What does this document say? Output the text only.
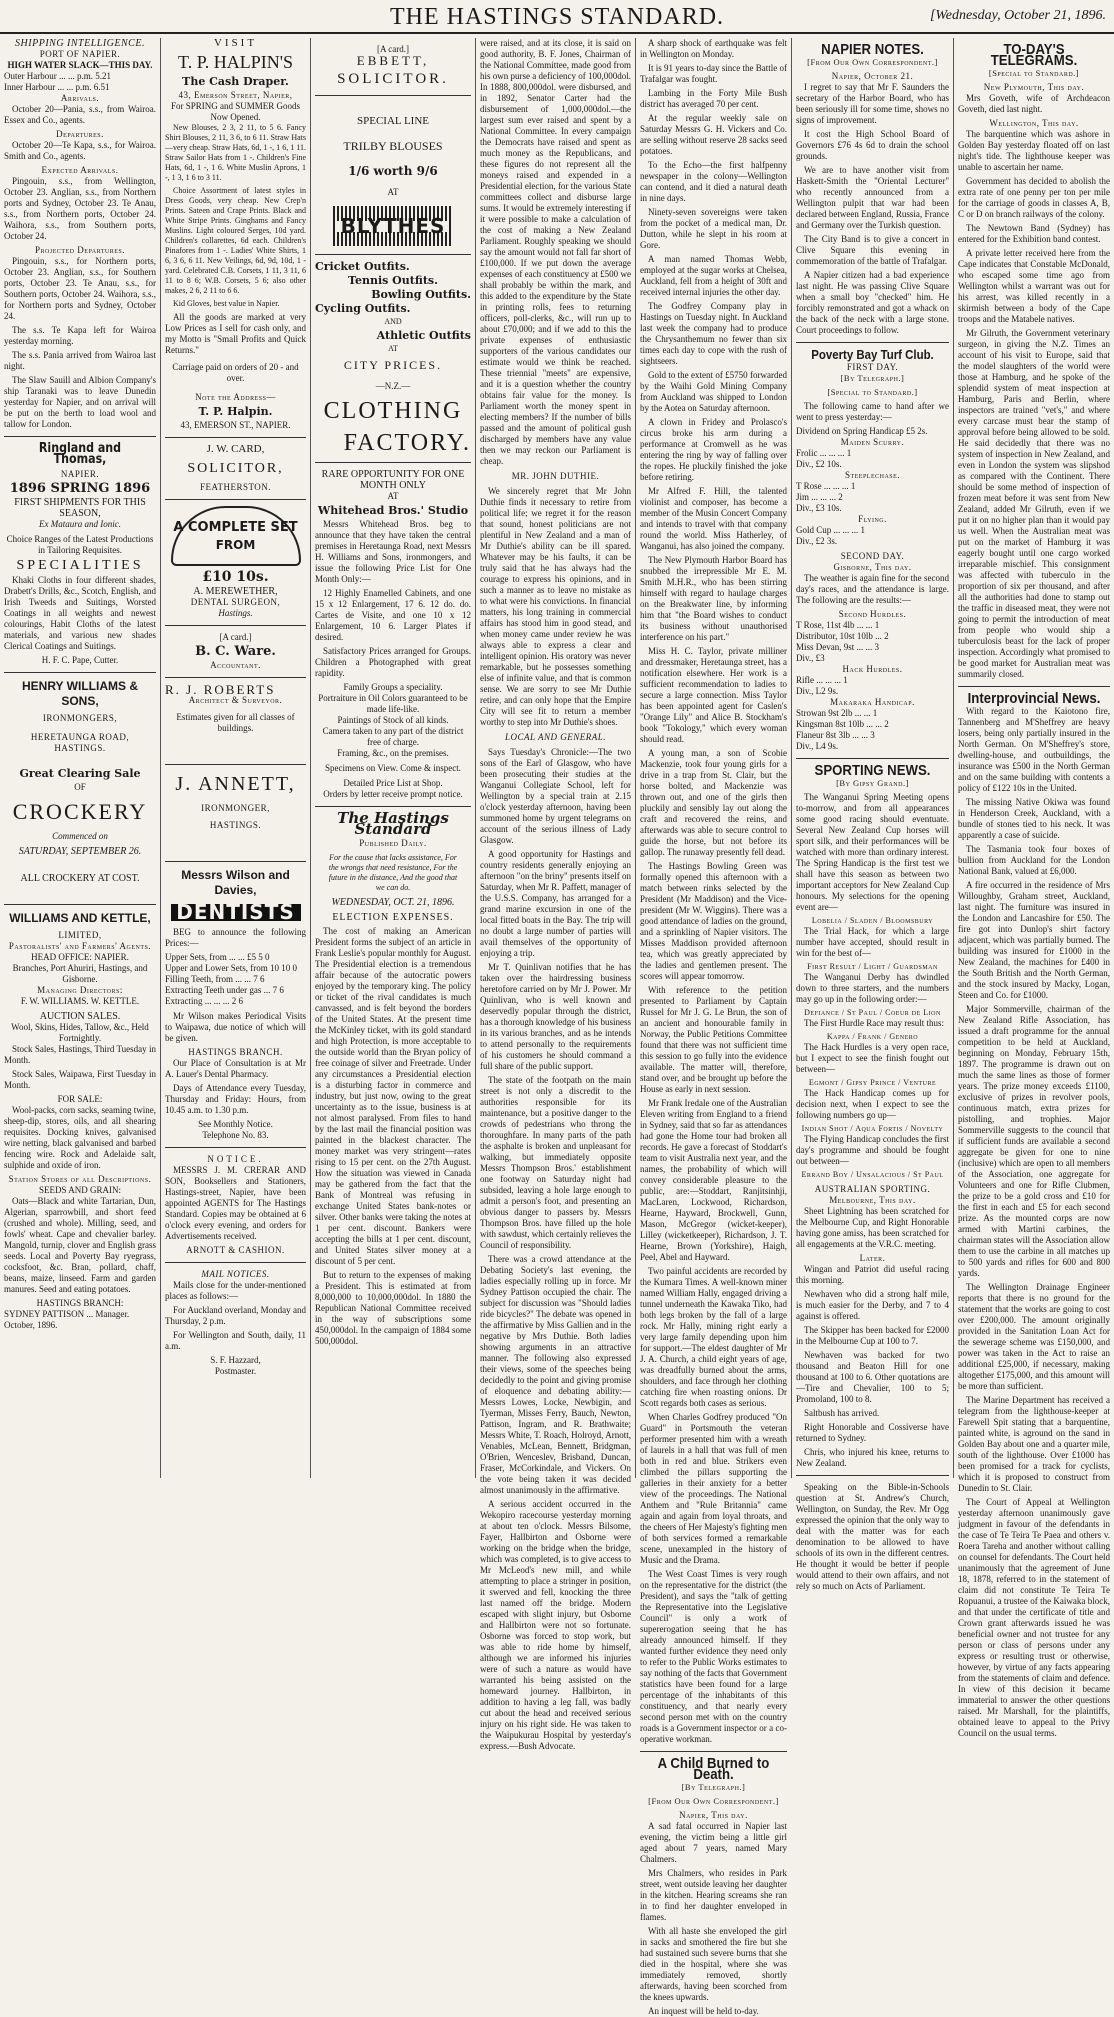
THE HASTINGS STANDARD.	[Wednesday, October 21, 1896.
SHIPPING INTELLIGENCE.
PORT OF NAPIER.
HIGH WATER SLACK—THIS DAY.
Outer Harbour ... ... p.m. 5.21
Inner Harbour ... ... p.m. 6.51
Arrivals.

October 20—Pania, s.s., from Wairoa. Essex and Co., agents.

Departures.

October 20—Te Kapa, s.s., for Wairoa. Smith and Co., agents.

Expected Arrivals.

Pingouin, s.s., from Wellington, October 23. Anglian, s.s., from Northern ports and Sydney, October 23. Te Anau, s.s., from Northern ports, October 24. Waihora, s.s., from Southern ports, October 24.

Projected Departures.

Pingouin, s.s., for Northern ports, October 23. Anglian, s.s., for Southern ports, October 23. Te Anau, s.s., for Southern ports, October 24. Waihora, s.s., for Northern ports and Sydney, October 24.

The s.s. Te Kapa left for Wairoa yesterday morning.

The s.s. Pania arrived from Wairoa last night.

The Slaw Sauill and Albion Company's ship Taranaki was to leave Dunedin yesterday for Napier, and on arrival will be put on the berth to load wool and tallow for London.

Ringland and Thomas,
NAPIER.
1896 SPRING 1896
FIRST SHIPMENTS FOR THIS SEASON,
Ex Mataura and Ionic.
Choice Ranges of the Latest Productions in Tailoring Requisites.
SPECIALITIES

Khaki Cloths in four different shades, Drabett's Drills, &c., Scotch, English, and Irish Tweeds and Suitings, Worsted Coatings in all weights and newest colourings, Habit Cloths of the latest materials, and various new shades Clerical Coatings and Suitings.

H. F. C. Pape, Cutter.
HENRY WILLIAMS & SONS,
IRONMONGERS,
HERETAUNGA ROAD, HASTINGS.
Great Clearing Sale
OF
CROCKERY
Commenced on
SATURDAY, SEPTEMBER 26.
ALL CROCKERY AT COST.
WILLIAMS AND KETTLE,
LIMITED,
Pastoralists' and Farmers' Agents.
HEAD OFFICE: NAPIER.
Branches, Port Ahuriri, Hastings, and Gisborne.
Managing Directors:
F. W. WILLIAMS. W. KETTLE.
AUCTION SALES.
Wool, Skins, Hides, Tallow, &c., Held Fortnightly.

Stock Sales, Hastings, Third Tuesday in Month.

Stock Sales, Waipawa, First Tuesday in Month.

FOR SALE:

Wool-packs, corn sacks, seaming twine, sheep-dip, stores, oils, and all shearing requisites. Docking knives, galvanised wire netting, black galvanised and barbed fencing wire. Rock and Adelaide salt, sulphide and oxide of iron.

Station Stores of all Descriptions.
SEEDS AND GRAIN:

Oats—Black and white Tartarian, Dun, Algerian, sparrowbill, and short feed (crushed and whole). Milling, seed, and fowls' wheat. Cape and chevalier barley. Mangold, turnip, clover and English grass seeds. Local and Poverty Bay ryegrass, cocksfoot, &c. Bran, pollard, chaff, beans, maize, linseed. Farm and garden manures. Seed and eating potatoes.

HASTINGS BRANCH:
SYDNEY PATTISON ... Manager.
October, 1896.
VISIT
T. P. HALPIN'S
The Cash Draper.
43, Emerson Street, Napier,
For SPRING and SUMMER Goods Now Opened.

New Blouses, 2 3, 2 11, to 5 6. Fancy Shirt Blouses, 2 11, 3 6, to 6 11. Straw Hats—very cheap. Straw Hats, 6d, 1 -, 1 6, 1 11. Straw Sailor Hats from 1 -. Children's Fine Hats, 6d, 1 -, 1 6. White Muslin Aprons, 1 -, 1 3, 1 6 to 3 11.

Choice Assortment of latest styles in Dress Goods, very cheap. New Crep'n Prints. Sateen and Crape Prints. Black and White Stripe Prints. Ginghams and Fancy Muslins. Light coloured Serges, 10d yard. Children's collarettes, 6d each. Children's Pinafores from 1 -. Ladies' White Shirts, 1 6, 3 6, 6 11. New Veilings, 6d, 9d, 10d, 1 - yard. Celebrated C.B. Corsets, 1 11, 3 11, 6 11 to 8 6; W.B. Corsets, 5 6; also other makes, 2 6, 2 11 to 6 6.

Kid Gloves, best value in Napier.

All the goods are marked at very Low Prices as I sell for cash only, and my Motto is "Small Profits and Quick Returns."

Carriage paid on orders of 20 - and over.
Note the Address—
T. P. Halpin.
43, EMERSON ST., NAPIER.
J. W. CARD,
SOLICITOR,
FEATHERSTON.
A COMPLETE SET
FROM
£10 10s.
A. MEREWETHER,
DENTAL SURGEON,
Hastings.
[A card.]
B. C. Ware.
Accountant.
R. J. ROBERTS
Architect & Surveyor.
Estimates given for all classes of buildings.
J. ANNETT,
IRONMONGER,
HASTINGS.
Messrs Wilson and Davies,
DENTISTS

BEG to announce the following Prices:—

Upper Sets, from ... ... £5 5 0
Upper and Lower Sets, from 10 10 0
Filling Teeth, from ... ... 7 6
Extracting Teeth under gas ... 7 6
Extracting ... ... ... 2 6

Mr Wilson makes Periodical Visits to Waipawa, due notice of which will be given.

HASTINGS BRANCH.

Our Place of Consultation is at Mr A. Lauer's Dental Pharmacy.

Days of Attendance every Tuesday, Thursday and Friday: Hours, from 10.45 a.m. to 1.30 p.m.

See Monthly Notice.
Telephone No. 83.
NOTICE.

MESSRS J. M. CRERAR AND SON, Booksellers and Stationers, Hastings-street, Napier, have been appointed AGENTS for The Hastings Standard. Copies may be obtained at 6 o'clock every evening, and orders for Advertisements received.

ARNOTT & CASHION.
MAIL NOTICES.

Mails close for the under-mentioned places as follows:—

For Auckland overland, Monday and Thursday, 2 p.m.

For Wellington and South, daily, 11 a.m.

S. F. Hazzard,
Postmaster.
[A card.]
EBBETT,
SOLICITOR.
SPECIAL LINE
TRILBY BLOUSES
1/6 worth 9/6
AT
BLYTHES
Cricket Outfits.
Tennis Outfits.
Bowling Outfits.
Cycling Outfits.
AND
Athletic Outfits
AT
CITY PRICES.
—N.Z.—
CLOTHING
FACTORY.
RARE OPPORTUNITY FOR ONE MONTH ONLY
AT
Whitehead Bros.' Studio

Messrs Whitehead Bros. beg to announce that they have taken the central premises in Heretaunga Road, next Messrs H. Williams and Sons, ironmongers, and issue the following Price List for One Month Only:—

12 Highly Enamelled Cabinets, and one 15 x 12 Enlargement, 17 6. 12 do. do. Cartes de Visite, and one 10 x 12 Enlargement, 10 6. Larger Plates if desired.

Satisfactory Prices arranged for Groups. Children a Photographed with great rapidity.

Family Groups a speciality.
Portraiture in Oil Colors guaranteed to be made life-like.
Paintings of Stock of all kinds.
Camera taken to any part of the district free of charge.
Framing, &c., on the premises.
Specimens on View. Come & inspect.
Detailed Price List at Shop.
Orders by letter receive prompt notice.
The Hastings Standard
Published Daily.
For the cause that lacks assistance, For the wrongs that need resistance, For the future in the distance, And the good that we can do.
WEDNESDAY, OCT. 21, 1896.
ELECTION EXPENSES.

The cost of making an American President forms the subject of an article in Frank Leslie's popular monthly for August. The Presidential election is a tremendous affair because of the autocratic powers enjoyed by the temporary king. The policy or ticket of the rival candidates is much canvassed, and is felt beyond the borders of the United States. At the present time the McKinley ticket, with its gold standard and high Protection, is more acceptable to the outside world than the Bryan policy of free coinage of silver and Freetrade. Under any circumstances a Presidential election is a disturbing factor in commerce and industry, but just now, owing to the great uncertainty as to the issue, business is at not almost paralysed. From files to hand by the last mail the financial position was painted in the blackest character. The money market was very stringent—rates rising to 15 per cent. on the 27th August. How the situation was viewed in Canada may be gathered from the fact that the Bank of Montreal was refusing in exchange United States bank-notes or silver. Other banks were taking the notes at 1 per cent. discount. Bankers were accepting the bills at 1 per cent. discount, and United States silver money at a discount of 5 per cent.

But to return to the expenses of making a President. This is estimated at from 8,000,000 to 10,000,000dol. In 1880 the Republican National Committee received in the way of subscriptions some 450,000dol. In the campaign of 1884 some 500,000dol.

were raised, and at its close, it is said on good authority, B. F. Jones, Chairman of the National Committee, made good from his own purse a deficiency of 100,000dol. In 1888, 800,000dol. were disbursed, and in 1892, Senator Carter had the disbursement of 1,000,000dol.—the largest sum ever raised and spent by a National Committee. In every campaign the Democrats have raised and spent as much money as the Republicans, and these figures do not represent all the moneys raised and expended in a Presidential election, for the various State committees collect and disburse large sums. It would be extremely interesting if it were possible to make a calculation of the cost of making a New Zealand Parliament. Roughly speaking we should say the amount would not fall far short of £100,000. If we put down the average expenses of each constituency at £500 we shall probably be within the mark, and this added to the expenditure by the State in printing rolls, fees to returning officers, poll-clerks, &c., will run up to about £70,000; and if we add to this the private expenses of enthusiastic supporters of the various candidates our estimate would we think be reached. These triennial "meets" are expensive, and it is a question whether the country obtains fair value for the money. Is Parliament worth the money spent in electing members? If the number of bills passed and the amount of political gush discharged by members have any value then we may reckon our Parliament is cheap.

MR. JOHN DUTHIE.

We sincerely regret that Mr John Duthie finds it necessary to retire from political life; we regret it for the reason that sound, honest politicians are not plentiful in New Zealand and a man of Mr Duthie's ability can be ill spared. Whatever may be his faults, it can be truly said that he has always had the courage to express his opinions, and in such a manner as to leave no mistake as to what were his convictions. In financial matters, his long training in commercial affairs has stood him in good stead, and when money came under review he was always able to express a clear and intelligent opinion. His oratory was never remarkable, but he possesses something else of infinite value, and that is common sense. We are sorry to see Mr Duthie retire, and can only hope that the Empire City will see fit to return a member worthy to step into Mr Duthie's shoes.

LOCAL AND GENERAL.

Says Tuesday's Chronicle:—The two sons of the Earl of Glasgow, who have been prosecuting their studies at the Wanganui Collegiate School, left for Wellington by a special train at 2.15 o'clock yesterday afternoon, having been summoned home by urgent telegrams on account of the serious illness of Lady Glasgow.

A good opportunity for Hastings and country residents generally enjoying an afternoon "on the briny" presents itself on Saturday, when Mr R. Paffett, manager of the U.S.S. Company, has arranged for a grand marine excursion in one of the local fitted boats in the Bay. The trip will no doubt a large number of parties will avail themselves of the opportunity of enjoying a trip.

Mr T. Quinlivan notifies that he has taken over the hairdressing business heretofore carried on by Mr J. Power. Mr Quinlivan, who is well known and deservedly popular through the district, has a thorough knowledge of his business in its various branches, and as he intends to attend personally to the requirements of his customers he should command a full share of the public support.

The state of the footpath on the main street is not only a discredit to the authorities responsible for its maintenance, but a positive danger to the crowds of pedestrians who throng the thoroughfare. In many parts of the path the asphalte is broken and unpleasant for walking, but immediately opposite Messrs Thompson Bros.' establishment one footway on Saturday night had subsided, leaving a hole large enough to admit a person's foot, and presenting an obvious danger to passers by. Messrs Thompson Bros. have filled up the hole with sawdust, which certainly relieves the Council of responsibility.

There was a crowd attendance at the Debating Society's last evening, the ladies especially rolling up in force. Mr Sydney Pattison occupied the chair. The subject for discussion was "Should ladies ride bicycles?" The debate was opened in the affirmative by Miss Gallien and in the negative by Mrs Duthie. Both ladies showing arguments in an attractive manner. The following also expressed their views, some of the speeches being decidedly to the point and giving promise of eloquence and debating ability:—Messrs Lowes, Locke, Newbigin, and Tyerman, Misses Ferry, Bauch, Newton, Pattison, Ingram, and R. Brathwaite; Messrs White, T. Roach, Holroyd, Arnott, Venables, McLean, Bennett, Bridgman, O'Brien, Wenceslev, Brisband, Duncan, Fraser, McCorkindale, and Vickers. On the vote being taken it was decided almost unanimously in the affirmative.

A serious accident occurred in the Wekopiro racecourse yesterday morning at about ten o'clock. Messrs Bilsome, Fayer, Hallbirton and Osborne were working on the bridge when the bridge, which was completed, is to give access to Mr McLeod's new mill, and while attempting to place a stringer in position, it swerved and fell, knocking the three last named off the bridge. Modern escaped with slight injury, but Osborne and Hallbirton were not so fortunate. Osborne was forced to stop work, but was able to ride home by himself, although we are informed his injuries were of such a nature as would have warranted his being assisted on the homeward journey. Hallbirton, in addition to having a leg fall, was badly cut about the head and received serious injury on his right side. He was taken to the Waipukurau Hospital by yesterday's express.—Bush Advocate.

A sharp shock of earthquake was felt in Wellington on Monday.

It is 91 years to-day since the Battle of Trafalgar was fought.

Lambing in the Forty Mile Bush district has averaged 70 per cent.

At the regular weekly sale on Saturday Messrs G. H. Vickers and Co. are selling without reserve 28 sacks seed potatoes.

To the Echo—the first halfpenny newspaper in the colony—Wellington can contend, and it died a natural death in nine days.

Ninety-seven sovereigns were taken from the pocket of a medical man, Dr. Dutton, while he slept in his room at Gore.

A man named Thomas Webb, employed at the sugar works at Chelsea, Auckland, fell from a height of 30ft and received internal injuries the other day.

The Godfrey Company play in Hastings on Tuesday night. In Auckland last week the company had to produce the Chrysanthemum no fewer than six times each day to cope with the rush of sightseers.

Gold to the extent of £5750 forwarded by the Waihi Gold Mining Company from Auckland was shipped to London by the Aotea on Saturday afternoon.

A clown in Fridey and Prolasco's circus broke his arm during a performance at Cromwell as he was entering the ring by way of falling over the ropes. He pluckily finished the joke before retiring.

Mr Alfred F. Hill, the talented violinist and composer, has become a member of the Musin Concert Company and intends to travel with that company round the world. Miss Hatherley, of Wanganui, has also joined the company.

The New Plymouth Harbor Board has snubbed the irrepressible Mr E. M. Smith M.H.R., who has been stirring himself with regard to haulage charges on the Breakwater line, by informing him that "the Board wishes to conduct its business without unauthorised interference on his part."

Miss H. C. Taylor, private milliner and dressmaker, Heretaunga street, has a notification elsewhere. Her work is a sufficient recommendation to ladies to secure a large connection. Miss Taylor has been appointed agent for Caslen's "Orange Lily" and Alice B. Stockham's book "Tokology," which every woman should read.

A young man, a son of Scobie Mackenzie, took four young girls for a drive in a trap from St. Clair, but the horse bolted, and Mackenzie was thrown out, and one of the girls then pluckily and sensibly lay out along the craft and recovered the reins, and afterwards was able to secure control to guide the horse, but not before its gallop. The runaway presently fell dead.

The Hastings Bowling Green was formally opened this afternoon with a match between rinks selected by the President (Mr Maddison) and the Vice-president (Mr W. Wiggins). There was a good attendance of ladies on the ground, and a sprinkling of Napier visitors. The Misses Maddison provided afternoon tea, which was greatly appreciated by the ladies and gentlemen present. The scores will appear tomorrow.

With reference to the petition presented to Parliament by Captain Russel for Mr J. G. Le Brun, the son of an ancient and honourable family in Norway, the Public Petitions Committee found that there was not sufficient time this session to go fully into the evidence available. The matter will, therefore, stand over, and be brought up before the House as early in next session.

Mr Frank Iredale one of the Australian Eleven writing from England to a friend in Sydney, said that so far as attendances had gone the Home tour had broken all records. He gave a forecast of Stoddart's team to visit Australia next year, and the names, the probability of which will convey considerable pleasure to the public, are:—Stoddart, Ranjitsinhji, MacLaren, Lockwood, Richardson, Hearne, Hayward, Brockwell, Gunn, Mason, McGregor (wicket-keeper), Lilley (wicketkeeper), Richardson, J. T. Hearne, Brown (Yorkshire), Haigh, Peel, Abel and Hayward.

Two painful accidents are recorded by the Kumara Times. A well-known miner named William Hally, engaged driving a tunnel underneath the Kawaka Tiko, had both legs broken by the fall of a large rock. Mr Hally, mining right early a very large family depending upon him for support.—The eldest daughter of Mr J. A. Church, a child eight years of age, was dreadfully burned about the arms, shoulders, and face through her clothing catching fire when roasting onions. Dr Scott regards both cases as serious.

When Charles Godfrey produced "On Guard" in Portsmouth the veteran performer presented him with a wreath of laurels in a hall that was full of men both in red and blue. Strikers even climbed the pillars supporting the galleries in their anxiety for a better view of the proceedings. The National Anthem and "Rule Britannia" came again and again from loyal throats, and the cheers of Her Majesty's fighting men of both services formed a remarkable scene, unexampled in the history of Music and the Drama.

The West Coast Times is very rough on the representative for the district (the President), and says the "talk of getting the Representative into the Legislative Council" is only a work of supererogation seeing that he has already announced himself. If they wanted further evidence they need only to refer to the Public Works estimates to say nothing of the facts that Government statistics have been found for a large percentage of the inhabitants of this constituency, and that nearly every second person met with on the country roads is a Government inspector or a co-operative workman.

A Child Burned to Death.
[By Telegraph.]
[From Our Own Correspondent.]
Napier, This day.

A sad fatal occurred in Napier last evening, the victim being a little girl aged about 7 years, named Mary Chalmers.

Mrs Chalmers, who resides in Park street, went outside leaving her daughter in the kitchen. Hearing screams she ran in to find her daughter enveloped in flames.

With all haste she enveloped the girl in sacks and smothered the fire but she had sustained such severe burns that she died in the hospital, where she was immediately removed, shortly afterwards, having been scorched from the knees upwards.

An inquest will be held to-day.

NAPIER NOTES.
[From Our Own Correspondent.]
Napier, October 21.

I regret to say that Mr F. Saunders the secretary of the Harbor Board, who has been seriously ill for some time, shows no signs of improvement.

It cost the High School Board of Governors £76 4s 6d to drain the school grounds.

We are to have another visit from Haskett-Smith the "Oriental Lecturer" who recently announced from a Wellington pulpit that war had been declared between England, Russia, France and Germany over the Turkish question.

The City Band is to give a concert in Clive Square this evening in commemoration of the battle of Trafalgar.

A Napier citizen had a bad experience last night. He was passing Clive Square when a small boy "checked" him. He forcibly remonstrated and got a whack on the back of the neck with a large stone. Court proceedings to follow.

Poverty Bay Turf Club.
FIRST DAY.
[By Telegraph.]
[Special to Standard.]

The following came to hand after we went to press yesterday:—

Dividend on Spring Handicap £5 2s.
Maiden Scurry.
Frolic ... ... ... 1
Div., £2 10s.
Steeplechase.
T Rose ... ... ... 1
Jim ... ... ... 2
Div., £3 10s.
Flying.
Gold Cup ... ... ... 1
Div., £2 3s.
SECOND DAY.
Gisborne, This day.

The weather is again fine for the second day's races, and the attendance is large. The following are the results:—

Second Hurdles.
T Rose, 11st 4lb ... ... 1
Distributor, 10st 10lb ... 2
Miss Devan, 9st ... ... 3
Div., £3
Hack Hurdles.
Rifle ... ... ... 1
Div., L2 9s.
Makaraka Handicap.
Strowan 9st 2lb ... ... 1
Kingsman 8st 10lb ... ... 2
Flaneur 8st 3lb ... ... 3
Div., L4 9s.
SPORTING NEWS.
[By Gipsy Grand.]

The Wanganui Spring Meeting opens to-morrow, and from all appearances some good racing should eventuate. Several New Zealand Cup horses will sport silk, and their performances will be watched with more than ordinary interest. The Spring Handicap is the first test we shall have this season as between two important acceptors for New Zealand Cup honours. My selections for the opening event are—

Lobelia / Sladen / Bloomsbury

The Trial Hack, for which a large number have accepted, should result in win for the best of—

First Result / Light / Guardsman

The Wanganui Derby has dwindled down to three starters, and the numbers may go up in the following order:—

Defiance / St Paul / Coeur de Lion

The First Hurdle Race may result thus:

Kappa / Frank / Genero

The Hack Hurdles is a very open race, but I expect to see the finish fought out between—

Egmont / Gipsy Prince / Venture

The Hack Handicap comes up for decision next, when I expect to see the following numbers go up—

Indian Shot / Aqua Fortis / Novelty

The Flying Handicap concludes the first day's programme and should be fought out between—

Errand Boy / Unsalacious / St Paul
AUSTRALIAN SPORTING.
Melbourne, This day.

Sheet Lightning has been scratched for the Melbourne Cup, and Right Honorable having gone amiss, has been scratched for all engagements at the V.R.C. meeting.

Later.

Wingan and Patriot did useful racing this morning.

Newhaven who did a strong half mile, is much easier for the Derby, and 7 to 4 against is offered.

The Skipper has been backed for £2000 in the Melbourne Cup at 100 to 7.

Newhaven was backed for two thousand and Beaton Hill for one thousand at 100 to 6. Other quotations are—Tire and Chevalier, 100 to 5; Promoland, 100 to 8.

Saltbush has arrived.

Right Honorable and Cossiverse have returned to Sydney.

Chris, who injured his knee, returns to New Zealand.

Speaking on the Bible-in-Schools question at St. Andrew's Church, Wellington, on Sunday, the Rev. Mr Ogg expressed the opinion that the only way to deal with the matter was for each denomination to be allowed to have schools of its own in the different centres. He thought it would be better if people would attend to their own affairs, and not rely so much on Acts of Parliament.

TO-DAY'S TELEGRAMS.
[Special to Standard.]
New Plymouth, This day.

Mrs Goveth, wife of Archdeacon Goveth, died last night.

Wellington, This day.

The barquentine which was ashore in Golden Bay yesterday floated off on last night's tide. The lighthouse keeper was unable to ascertain her name.

Government has decided to abolish the extra rate of one penny per ton per mile for the carriage of goods in classes A, B, C or D on branch railways of the colony.

The Newtown Band (Sydney) has entered for the Exhibition band contest.

A private letter received here from the Cape indicates that Constable McDonald, who escaped some time ago from Wellington whilst a warrant was out for his arrest, was killed recently in a skirmish between a body of the Cape troops and the Matabele natives.

Mr Gilruth, the Government veterinary surgeon, in giving the N.Z. Times an account of his visit to Europe, said that the model slaughters of the world were those at Hamburg, and he spoke of the splendid system of meat inspection at Hamburg, Paris and Berlin, where inspectors are trained "vet's," and where every carcase must bear the stamp of approval before being allowed to be sold. He said decidedly that there was no system of inspection in New Zealand, and even in London the system was slipshod as compared with the Continent. There should be some method of inspection of frozen meat before it was sent from New Zealand, added Mr Gilruth, even if we put it on no higher plan than it would pay us well. When the Australian meat was put on the market of Hamburg it was eagerly bought until one cargo worked irreparable mischief. This consignment was affected with tuberculo in the proportion of six per thousand, and after all the authorities had done to stamp out the traffic in diseased meat, they were not going to permit the introduction of meat from people who would ship a tuberculosis beast for the lack of proper inspection. Accordingly what promised to be good market for Australian meat was summarily closed.

Interprovincial News.

With regard to the Kaiotono fire, Tannenberg and M'Sheffrey are heavy losers, being only partially insured in the North German. On M'Sheffrey's store, dwelling-house, and outbuildings, the insurance was £500 in the North German and on the same building with contents a policy of £122 10s in the United.

The missing Native Okiwa was found in Henderson Creek, Auckland, with a bundle of stones tied to his neck. It was apparently a case of suicide.

The Tasmania took four boxes of bullion from Auckland for the London National Bank, valued at £6,000.

A fire occurred in the residence of Mrs Willoughby, Graham street, Auckland, last night. The furniture was insured in the London and Lancashire for £50. The fire got into Dunlop's shirt factory adjacent, which was partially burned. The building was insured for £1000 in the New Zealand, the machines for £400 in the South British and the North German, and the stock insured by Macky, Logan, Steen and Co. for £1000.

Major Sommerville, chairman of the New Zealand Rifle Association, has issued a draft programme for the annual competition to be held at Auckland, beginning on Monday, February 15th, 1897. The programme is drawn out on much the same lines as those of former years. The prize money exceeds £1100, exclusive of prizes in revolver pools, continuous match, extra prizes for pistolling, and trophies. Major Sommerville suggests to the council that if sufficient funds are available a second aggregate be given for one to nine (inclusive) which are open to all members of the Association, one aggregate for Volunteers and one for Rifle Clubmen, the prize to be a gold cross and £10 for the first in each and £5 for each second prize. As the mounted corps are now armed with Martini carbines, the chairman states will the Association allow them to use the carbine in all matches up to 500 yards and rifles for 600 and 800 yards.

The Wellington Drainage Engineer reports that there is no ground for the statement that the works are going to cost over £200,000. The amount originally provided in the Sanitation Loan Act for the sewerage scheme was £150,000, and power was taken in the Act to raise an additional £25,000, if necessary, making altogether £175,000, and this amount will be more than sufficient.

The Marine Department has received a telegram from the lighthouse-keeper at Farewell Spit stating that a barquentine, painted white, is aground on the sand in Golden Bay about one and a quarter mile, south of the lighthouse. Over £1000 has been promised for a track for cyclists, which it is proposed to construct from Dunedin to St. Clair.

The Court of Appeal at Wellington yesterday afternoon unanimously gave judgment in favour of the defendants in the case of Te Teira Te Paea and others v. Roera Tareha and another without calling on counsel for defendants. The Court held unanimously that the agreement of June 18, 1878, referred to in the statement of claim did not constitute Te Teira Te Ropuanui, a trustee of the Kaiwaka block, and that under the certificate of title and Crown grant afterwards issued he was beneficial owner and not trustee for any person or class of persons under any express or resulting trust or otherwise, however, by virtue of any facts appearing from the statements of claim and defence. In view of this decision it became immaterial to answer the other questions raised. Mr Marshall, for the plaintiffs, obtained leave to appeal to the Privy Council on the usual terms.
